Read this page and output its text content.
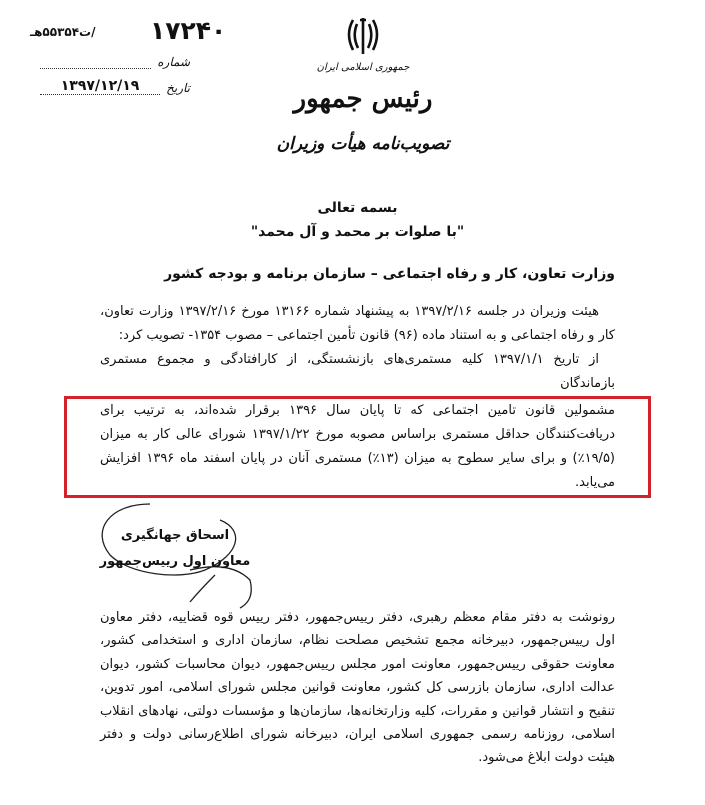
۱۷۲۴۰
/ت۵۵۳۵۴هـ
شماره
تاریخ
۱۳۹۷/۱۲/۱۹
جمهوری اسلامی ایران
رئیس جمهور
تصویب‌نامه هیأت وزیران
بسمه تعالی
"با صلوات بر محمد و آل محمد"
وزارت تعاون، کار و رفاه اجتماعی – سازمان برنامه و بودجه کشور
هیئت وزیران در جلسه ۱۳۹۷/۲/۱۶ به پیشنهاد شماره ۱۳۱۶۶ مورخ ۱۳۹۷/۲/۱۶ وزارت تعاون، کار و رفاه اجتماعی و به استناد ماده (۹۶) قانون تأمین اجتماعی – مصوب ۱۳۵۴- تصویب کرد:
از تاریخ ۱۳۹۷/۱/۱ کلیه مستمری‌های بازنشستگی، از کارافتادگی و مجموع مستمری بازماندگان
مشمولین قانون تامین اجتماعی که تا پایان سال ۱۳۹۶ برقرار شده‌اند، به ترتیب برای دریافت‌کنندگان حداقل مستمری براساس مصوبه مورخ ۱۳۹۷/۱/۲۲ شورای عالی کار به میزان (۱۹/۵٪) و برای سایر سطوح به میزان (۱۳٪) مستمری آنان در پایان اسفند ماه ۱۳۹۶ افزایش می‌یابد.
اسحاق جهانگیری
معاون اول رییس‌جمهور
رونوشت به دفتر مقام معظم رهبری، دفتر رییس‌جمهور، دفتر رییس قوه قضاییه، دفتر معاون اول رییس‌جمهور، دبیرخانه مجمع تشخیص مصلحت نظام، سازمان اداری و استخدامی کشور، معاونت حقوقی رییس‌جمهور، معاونت امور مجلس رییس‌جمهور، دیوان محاسبات کشور، دیوان عدالت اداری، سازمان بازرسی کل کشور، معاونت قوانین مجلس شورای اسلامی، امور تدوین، تنقیح و انتشار قوانین و مقررات، کلیه وزارتخانه‌ها، سازمان‌ها و مؤسسات دولتی، نهادهای انقلاب اسلامی، روزنامه رسمی جمهوری اسلامی ایران، دبیرخانه شورای اطلاع‌رسانی دولت و دفتر هیئت دولت ابلاغ می‌شود.
